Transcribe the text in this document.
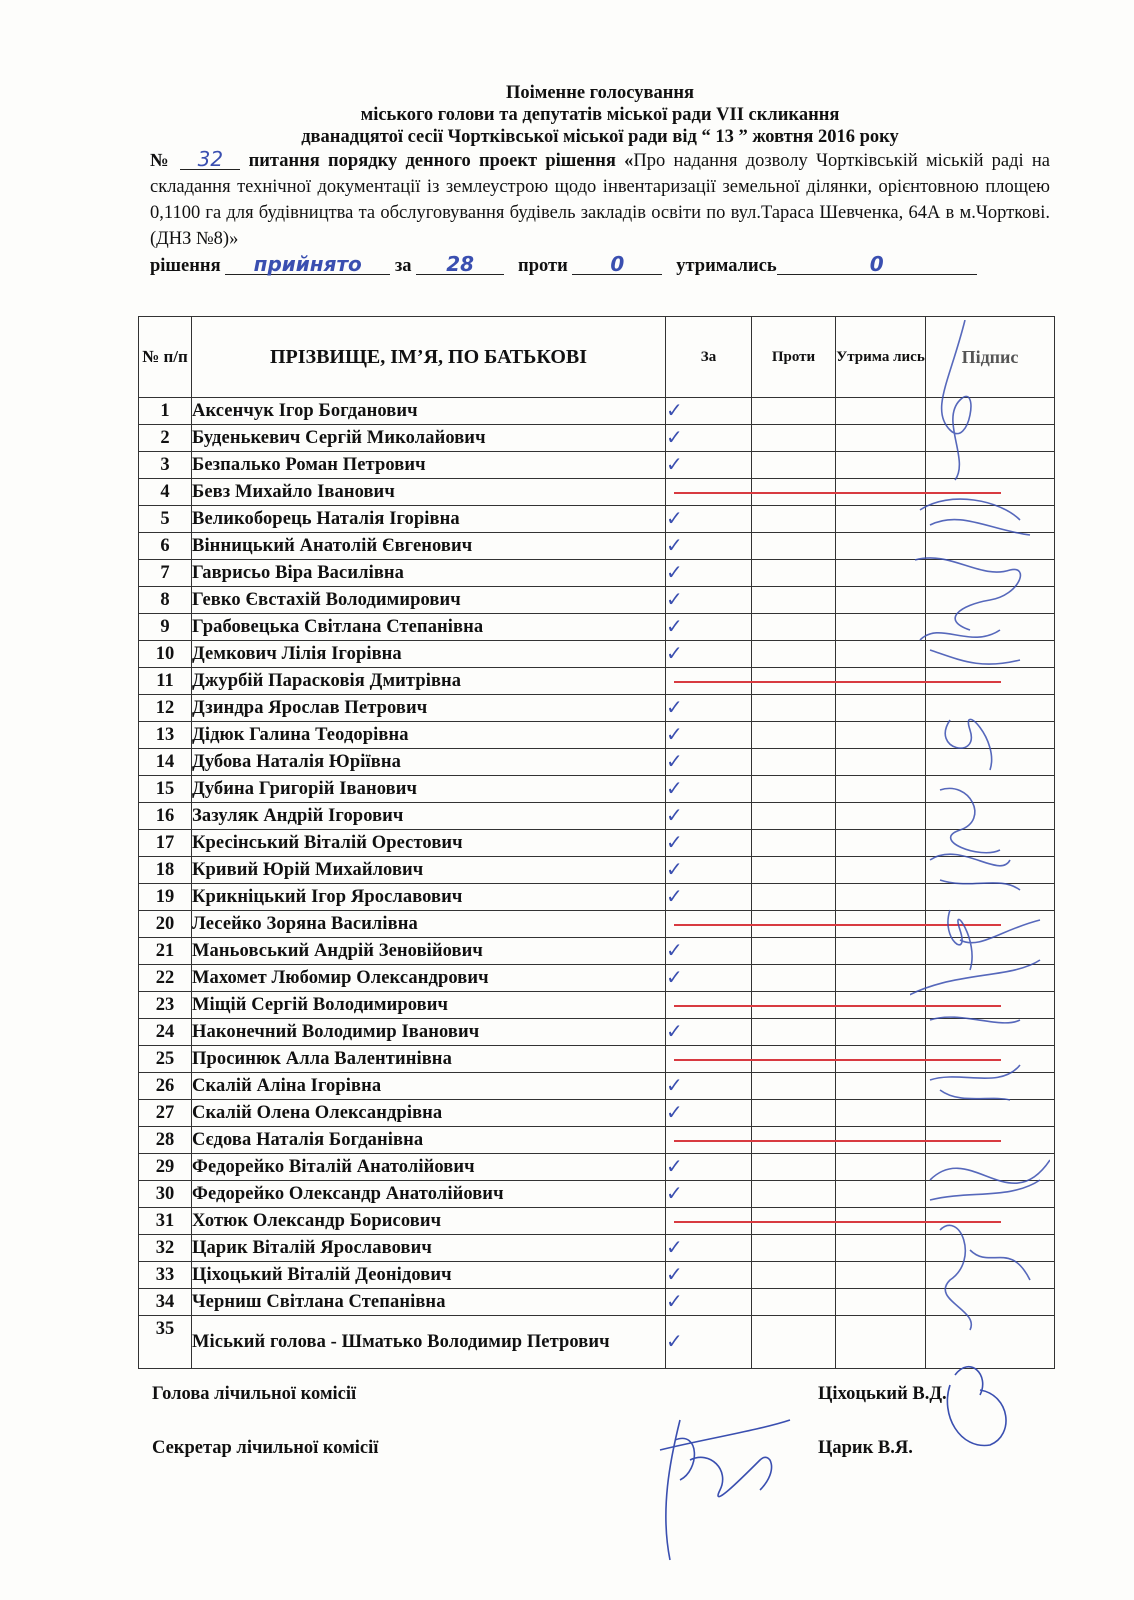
Поіменне голосування
міського голови та депутатів міської ради VII скликання
дванадцятої сесії Чортківської міської ради від “ 13 ” жовтня 2016 року
№ 32 питання порядку денного проект рішення «Про надання дозволу Чортківській міській раді на складання технічної документації із землеустрою щодо інвентаризації земельної ділянки, орієнтовною площею 0,1100 га для будівництва та обслуговування будівель закладів освіти по вул.Тараса Шевченка, 64А в м.Чорткові.(ДНЗ №8)»
рішення прийнято за 28 проти 0	утримались	0
№ п/п	ПРІЗВИЩЕ, ІМ’Я, ПО БАТЬКОВІ	За	Проти	Утрима лись	Підпис
1	Аксенчук Ігор Богданович	✓			
2	Буденькевич Сергій Миколайович	✓			
3	Безпалько Роман Петрович	✓			
4	Бевз Михайло Іванович	

5	Великоборець Наталія Ігорівна	✓			
6	Вінницький Анатолій Євгенович	✓			
7	Гаврисьо Віра Василівна	✓			
8	Гевко Євстахій Володимирович	✓			
9	Грабовецька Світлана Степанівна	✓			
10	Демкович Лілія Ігорівна	✓			
11	Джурбій Парасковія Дмитрівна	

12	Дзиндра Ярослав Петрович	✓			
13	Дідюк Галина Теодорівна	✓			
14	Дубова Наталія Юріївна	✓			
15	Дубина Григорій Іванович	✓			
16	Зазуляк Андрій Ігорович	✓			
17	Кресінський Віталій Орестович	✓			
18	Кривий Юрій Михайлович	✓			
19	Крикніцький Ігор Ярославович	✓			
20	Лесейко Зоряна Василівна	

21	Маньовський Андрій Зеновійович	✓			
22	Махомет Любомир Олександрович	✓			
23	Міщій Сергій Володимирович	

24	Наконечний Володимир Іванович	✓			
25	Просинюк Алла Валентинівна	

26	Скалій Аліна Ігорівна	✓			
27	Скалій Олена Олександрівна	✓			
28	Сєдова Наталія Богданівна	

29	Федорейко Віталій Анатолійович	✓			
30	Федорейко Олександр Анатолійович	✓			
31	Хотюк Олександр Борисович	

32	Царик Віталій Ярославович	✓			
33	Ціхоцький Віталій Деонідович	✓			
34	Черниш Світлана Степанівна	✓			
35	Міський голова - Шматько Володимир Петрович	✓			
Голова лічильної комісії	Ціхоцький В.Д.
Секретар лічильної комісії	Царик В.Я.
